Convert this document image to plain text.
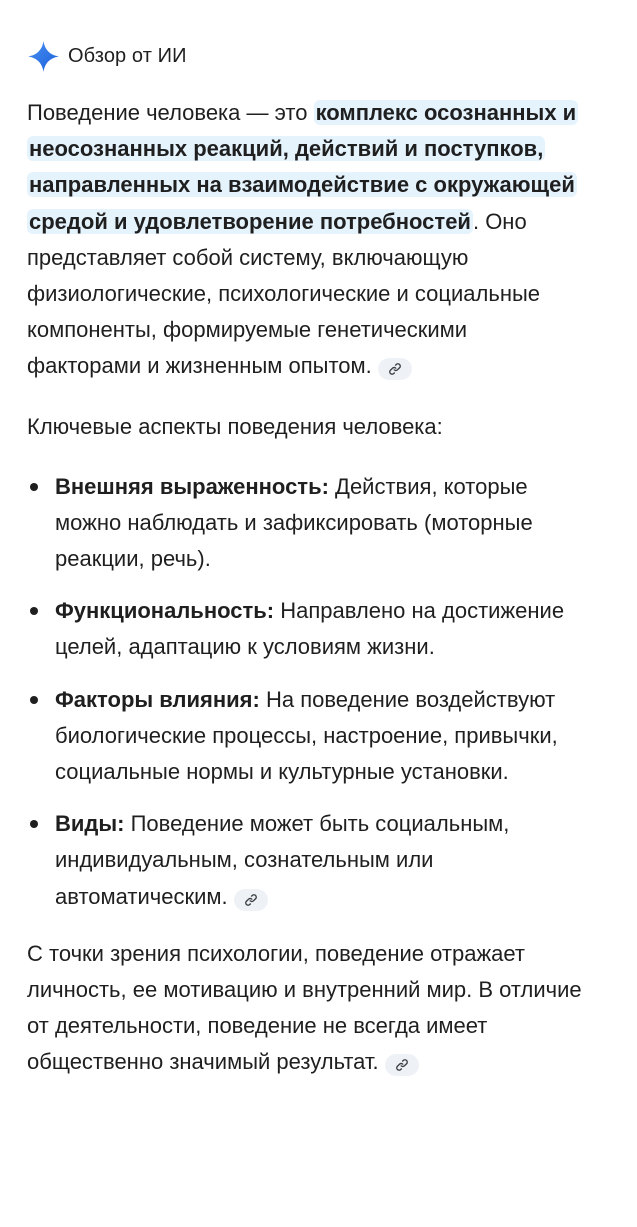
Обзор от ИИ

Поведение человека — это комплекс осознанных и неосознанных реакций, действий и поступков, направленных на взаимодействие с окружающей средой и удовлетворение потребностей. Оно представляет собой систему, включающую физиологические, психологические и социальные компоненты, формируемые генетическими факторами и жизненным опытом.

Ключевые аспекты поведения человека:

Внешняя выраженность: Действия, которые можно наблюдать и зафиксировать (моторные реакции, речь).
Функциональность: Направлено на достижение целей, адаптацию к условиям жизни.
Факторы влияния: На поведение воздействуют биологические процессы, настроение, привычки, социальные нормы и культурные установки.
Виды: Поведение может быть социальным, индивидуальным, сознательным или автоматическим.

С точки зрения психологии, поведение отражает личность, ее мотивацию и внутренний мир. В отличие от деятельности, поведение не всегда имеет общественно значимый результат.
